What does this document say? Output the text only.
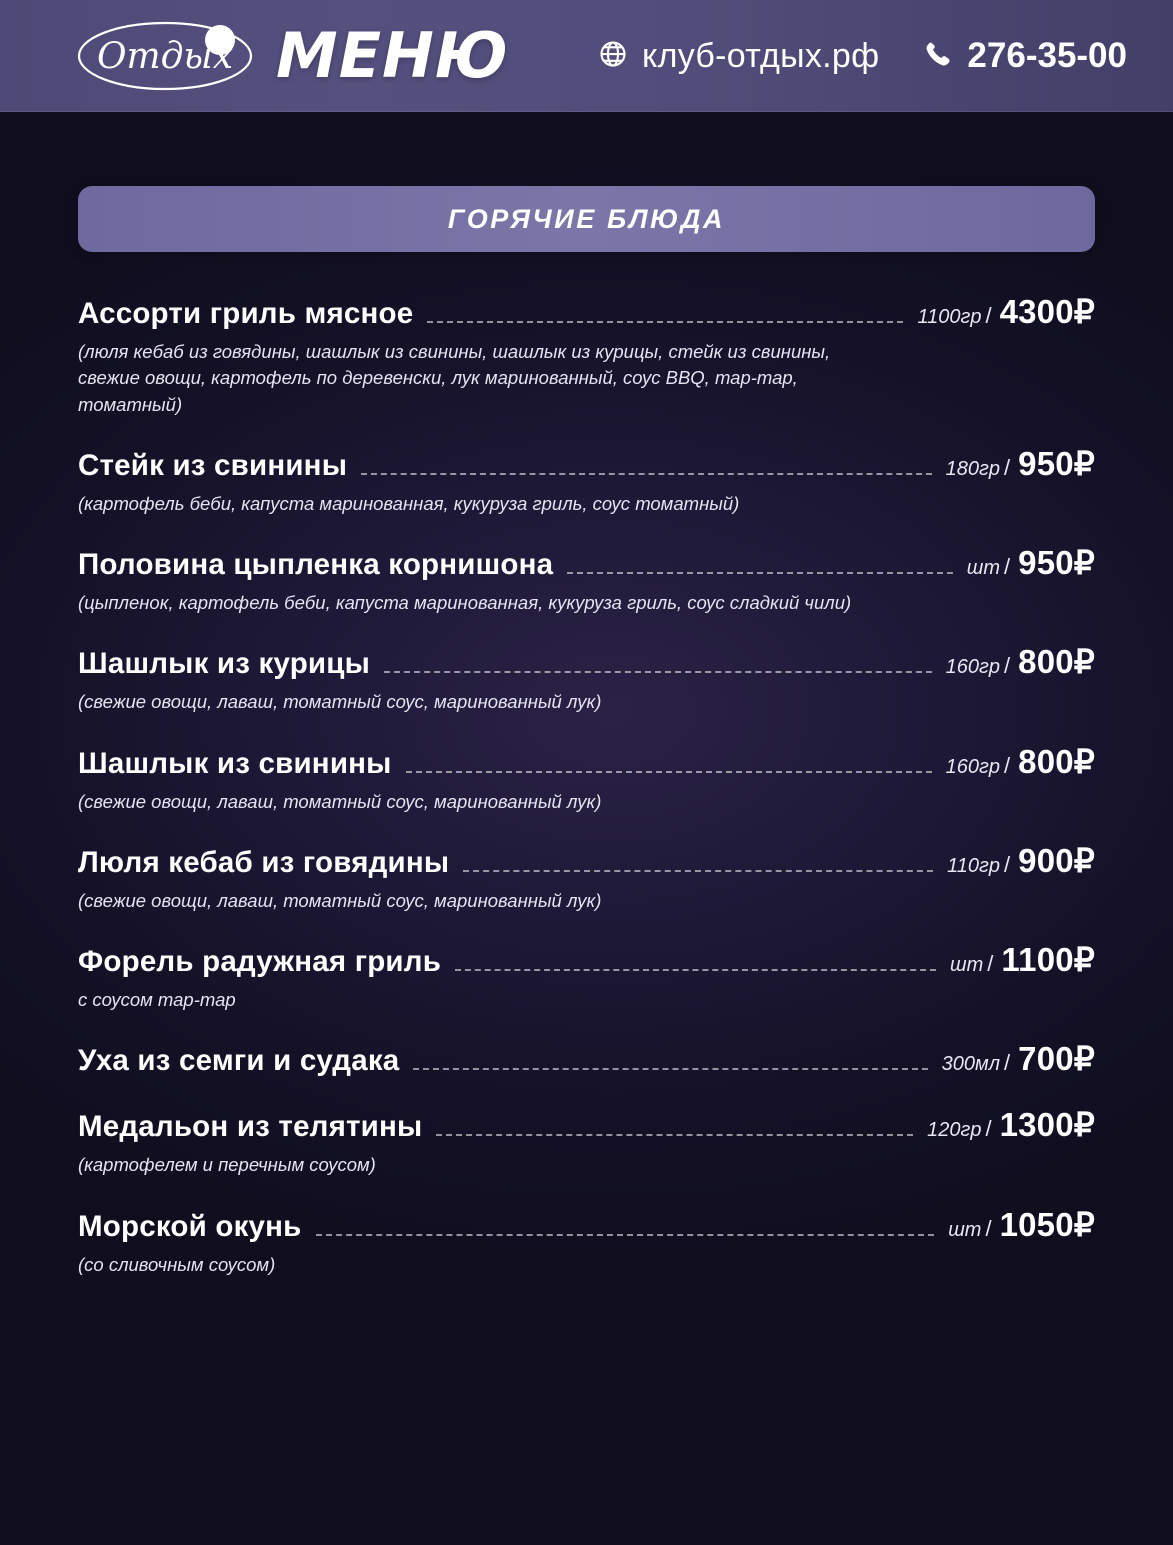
Отдых МЕНЮ	клуб-отдых.рф	276-35-00
ГОРЯЧИЕ БЛЮДА
Ассорти гриль мясное	1100гр / 4300₽
(люля кебаб из говядины, шашлык из свинины, шашлык из курицы, стейк из свинины, свежие овощи, картофель по деревенски, лук маринованный, соус BBQ, тар-тар, томатный)
Стейк из свинины	180гр / 950₽
(картофель беби, капуста маринованная, кукуруза гриль, соус томатный)
Половина цыпленка корнишона	шт / 950₽
(цыпленок, картофель беби, капуста маринованная, кукуруза гриль, соус сладкий чили)
Шашлык из курицы	160гр / 800₽
(свежие овощи, лаваш, томатный соус, маринованный лук)
Шашлык из свинины	160гр / 800₽
(свежие овощи, лаваш, томатный соус, маринованный лук)
Люля кебаб из говядины	110гр / 900₽
(свежие овощи, лаваш, томатный соус, маринованный лук)
Форель радужная гриль	шт / 1100₽
с соусом тар-тар
Уха из семги и судака	300мл / 700₽
Медальон из телятины	120гр / 1300₽
(картофелем и перечным соусом)
Морской окунь	шт / 1050₽
(со сливочным соусом)
